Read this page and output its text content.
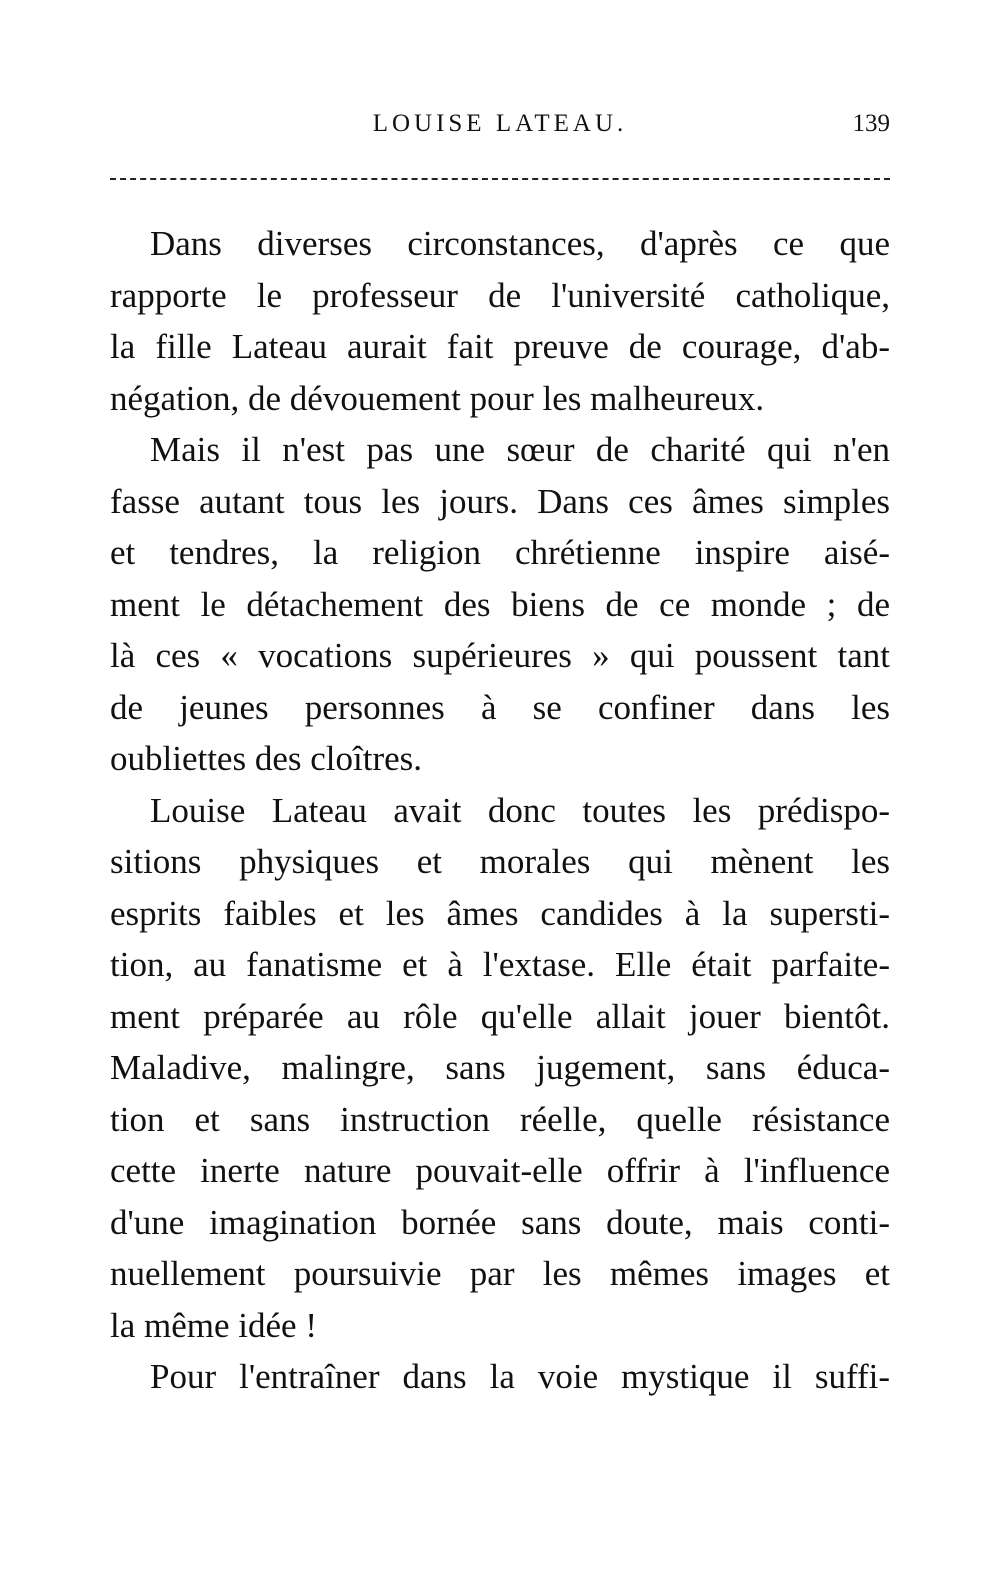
LOUISE LATEAU.	139

Dans diverses circonstances, d'après ce que
rapporte le professeur de l'université catholique,
la fille Lateau aurait fait preuve de courage, d'ab-
négation, de dévouement pour les malheureux.

Mais il n'est pas une sœur de charité qui n'en
fasse autant tous les jours. Dans ces âmes simples
et tendres, la religion chrétienne inspire aisé-
ment le détachement des biens de ce monde ; de
là ces « vocations supérieures » qui poussent tant
de jeunes personnes à se confiner dans les
oubliettes des cloîtres.

Louise Lateau avait donc toutes les prédispo-
sitions physiques et morales qui mènent les
esprits faibles et les âmes candides à la supersti-
tion, au fanatisme et à l'extase. Elle était parfaite-
ment préparée au rôle qu'elle allait jouer bientôt.
Maladive, malingre, sans jugement, sans éduca-
tion et sans instruction réelle, quelle résistance
cette inerte nature pouvait-elle offrir à l'influence
d'une imagination bornée sans doute, mais conti-
nuellement poursuivie par les mêmes images et
la même idée !

Pour l'entraîner dans la voie mystique il suffi-
